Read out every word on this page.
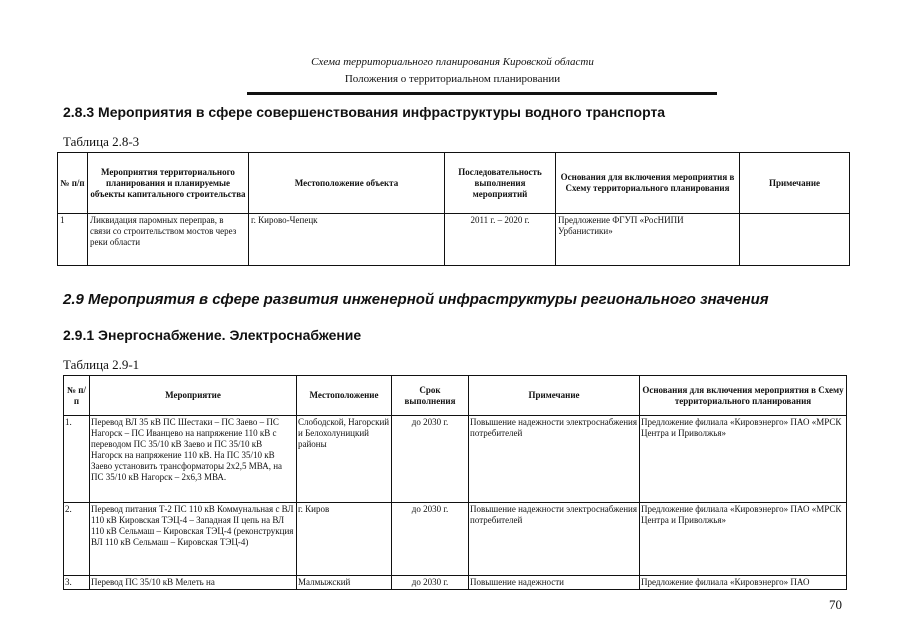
Схема территориального планирования Кировской области
Положения о территориальном планировании
2.8.3 Мероприятия в сфере совершенствования инфраструктуры водного транспорта
Таблица 2.8-3
№ п/п	Мероприятия территориального планирования и планируемые объекты капитального строительства	Местоположение объекта	Последовательность выполнения мероприятий	Основания для включения мероприятия в Схему территориального планирования	Примечание
1	Ликвидация паромных переправ, в связи со строительством мостов через реки области	г. Кирово-Чепецк	2011 г. – 2020 г.	Предложение ФГУП «РосНИПИ Урбанистики»	
2.9 Мероприятия в сфере развития инженерной инфраструктуры регионального значения
2.9.1 Энергоснабжение. Электроснабжение
Таблица 2.9-1
№ п/п	Мероприятие	Местоположение	Срок выполнения	Примечание	Основания для включения мероприятия в Схему территориального планирования
1.	Перевод ВЛ 35 кВ ПС Шестаки – ПС Заево – ПС Нагорск – ПС Иванцево на напряжение 110 кВ с переводом ПС 35/10 кВ Заево и ПС 35/10 кВ Нагорск на напряжение 110 кВ. На ПС 35/10 кВ Заево установить трансформаторы 2x2,5 МВА, на ПС 35/10 кВ Нагорск – 2x6,3 МВА.	Слободской, Нагорский и Белохолуницкий районы	до 2030 г.	Повышение надежности электроснабжения потребителей	Предложение филиала «Кировэнерго» ПАО «МРСК Центра и Приволжья»
2.	Перевод питания Т-2 ПС 110 кВ Коммунальная с ВЛ 110 кВ Кировская ТЭЦ-4 – Западная II цепь на ВЛ 110 кВ Сельмаш – Кировская ТЭЦ-4 (реконструкция ВЛ 110 кВ Сельмаш – Кировская ТЭЦ-4)	г. Киров	до 2030 г.	Повышение надежности электроснабжения потребителей	Предложение филиала «Кировэнерго» ПАО «МРСК Центра и Приволжья»
3.	Перевод ПС 35/10 кВ Мелеть на	Малмыжский	до 2030 г.	Повышение надежности	Предложение филиала «Кировэнерго» ПАО
70
